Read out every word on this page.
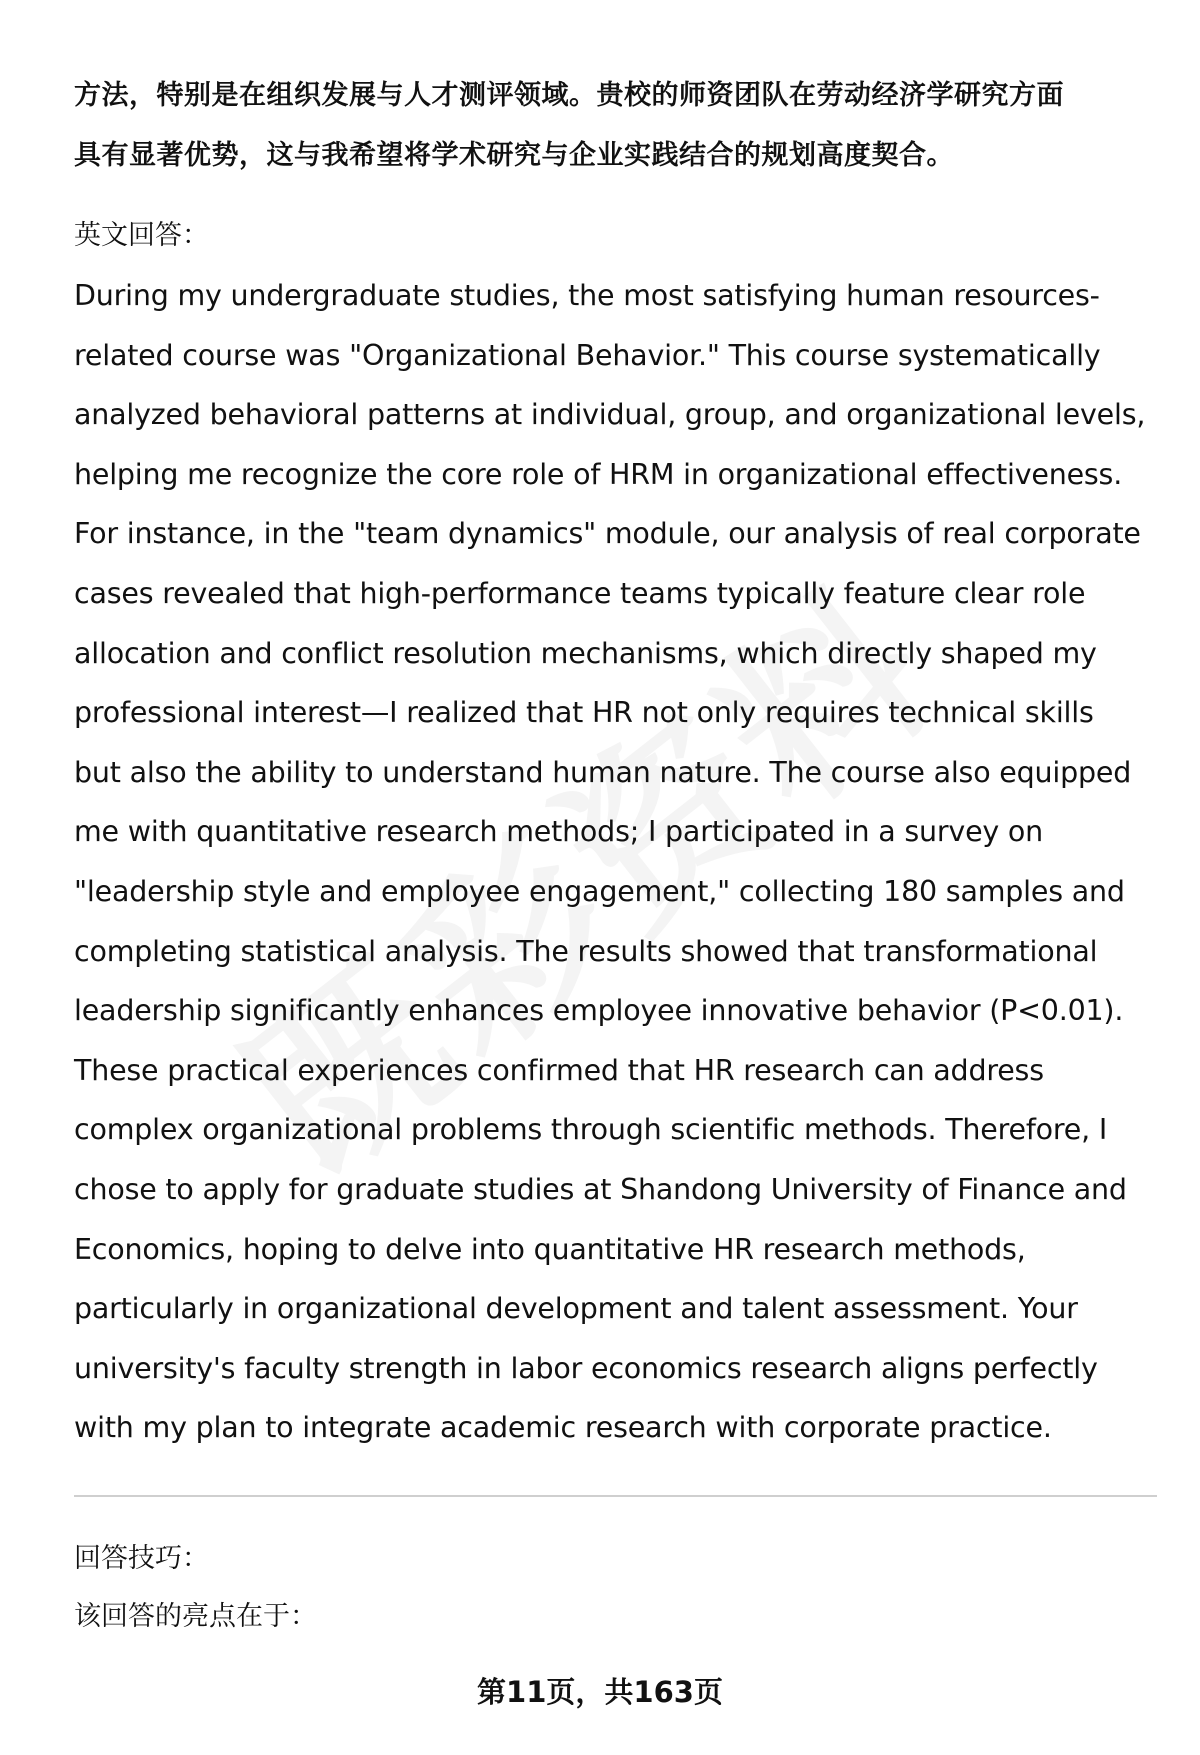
方法，特别是在组织发展与人才测评领域。贵校的师资团队在劳动经济学研究方面
具有显著优势，这与我希望将学术研究与企业实践结合的规划高度契合。

英文回答：

During my undergraduate studies, the most satisfying human resources-
related course was "Organizational Behavior." This course systematically
analyzed behavioral patterns at individual, group, and organizational levels,
helping me recognize the core role of HRM in organizational effectiveness.
For instance, in the "team dynamics" module, our analysis of real corporate
cases revealed that high-performance teams typically feature clear role
allocation and conflict resolution mechanisms, which directly shaped my
professional interest—I realized that HR not only requires technical skills
but also the ability to understand human nature. The course also equipped
me with quantitative research methods; I participated in a survey on
"leadership style and employee engagement," collecting 180 samples and
completing statistical analysis. The results showed that transformational
leadership significantly enhances employee innovative behavior (P<0.01).
These practical experiences confirmed that HR research can address
complex organizational problems through scientific methods. Therefore, I
chose to apply for graduate studies at Shandong University of Finance and
Economics, hoping to delve into quantitative HR research methods,
particularly in organizational development and talent assessment. Your
university's faculty strength in labor economics research aligns perfectly
with my plan to integrate academic research with corporate practice.

回答技巧：

该回答的亮点在于：

第11页，共163页
